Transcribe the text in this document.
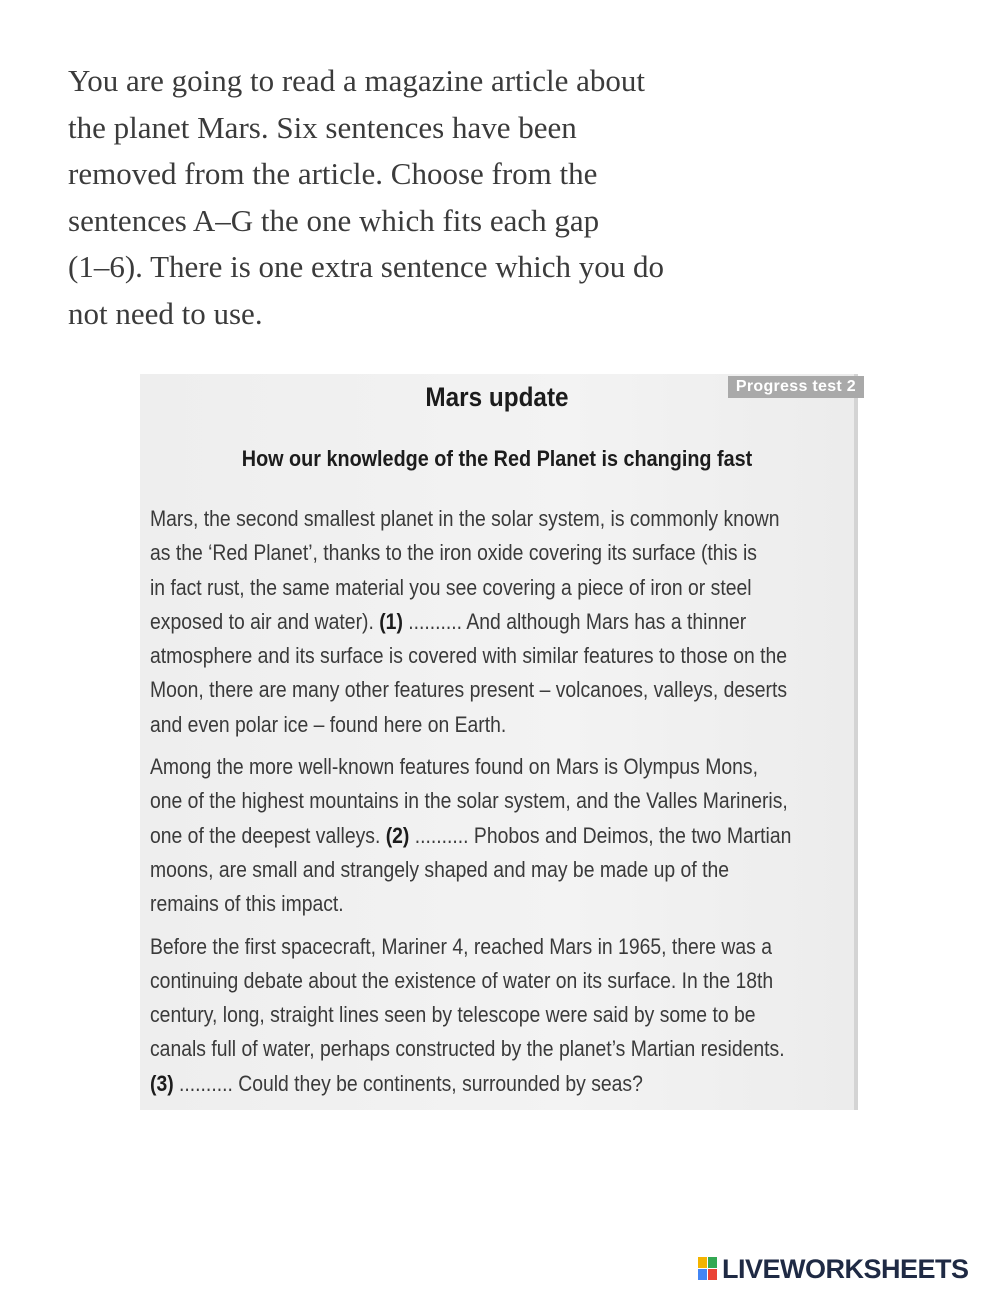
You are going to read a magazine article about
the planet Mars. Six sentences have been
removed from the article. Choose from the
sentences A–G the one which fits each gap
(1–6). There is one extra sentence which you do
not need to use.
Progress test 2
Mars update
How our knowledge of the Red Planet is changing fast
Mars, the second smallest planet in the solar system, is commonly known
as the ‘Red Planet’, thanks to the iron oxide covering its surface (this is
in fact rust, the same material you see covering a piece of iron or steel
exposed to air and water). (1) .......... And although Mars has a thinner
atmosphere and its surface is covered with similar features to those on the
Moon, there are many other features present – volcanoes, valleys, deserts
and even polar ice – found here on Earth.
Among the more well-known features found on Mars is Olympus Mons,
one of the highest mountains in the solar system, and the Valles Marineris,
one of the deepest valleys. (2) .......... Phobos and Deimos, the two Martian
moons, are small and strangely shaped and may be made up of the
remains of this impact.
Before the first spacecraft, Mariner 4, reached Mars in 1965, there was a
continuing debate about the existence of water on its surface. In the 18th
century, long, straight lines seen by telescope were said by some to be
canals full of water, perhaps constructed by the planet’s Martian residents.
(3) .......... Could they be continents, surrounded by seas?
LIVEWORKSHEETS
